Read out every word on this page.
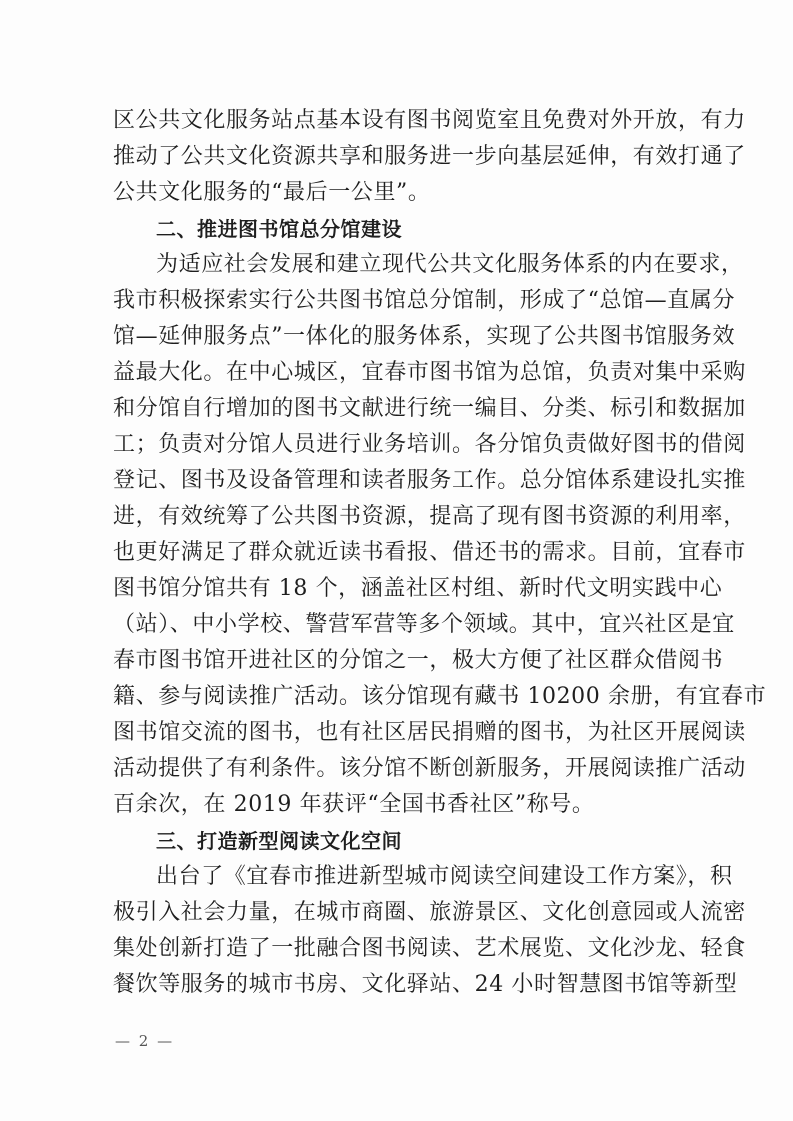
区公共文化服务站点基本设有图书阅览室且免费对外开放，有力
推动了公共文化资源共享和服务进一步向基层延伸，有效打通了
公共文化服务的“最后一公里”。
二、推进图书馆总分馆建设
为适应社会发展和建立现代公共文化服务体系的内在要求，
我市积极探索实行公共图书馆总分馆制，形成了“总馆—直属分
馆—延伸服务点”一体化的服务体系，实现了公共图书馆服务效
益最大化。在中心城区，宜春市图书馆为总馆，负责对集中采购
和分馆自行增加的图书文献进行统一编目、分类、标引和数据加
工；负责对分馆人员进行业务培训。各分馆负责做好图书的借阅
登记、图书及设备管理和读者服务工作。总分馆体系建设扎实推
进，有效统筹了公共图书资源，提高了现有图书资源的利用率，
也更好满足了群众就近读书看报、借还书的需求。目前，宜春市
图书馆分馆共有 18 个，涵盖社区村组、新时代文明实践中心
（站）、中小学校、警营军营等多个领域。其中，宜兴社区是宜
春市图书馆开进社区的分馆之一，极大方便了社区群众借阅书
籍、参与阅读推广活动。该分馆现有藏书 10200 余册，有宜春市
图书馆交流的图书，也有社区居民捐赠的图书，为社区开展阅读
活动提供了有利条件。该分馆不断创新服务，开展阅读推广活动
百余次，在 2019 年获评“全国书香社区”称号。
三、打造新型阅读文化空间
出台了《宜春市推进新型城市阅读空间建设工作方案》，积
极引入社会力量，在城市商圈、旅游景区、文化创意园或人流密
集处创新打造了一批融合图书阅读、艺术展览、文化沙龙、轻食
餐饮等服务的城市书房、文化驿站、24 小时智慧图书馆等新型
— 2 —
